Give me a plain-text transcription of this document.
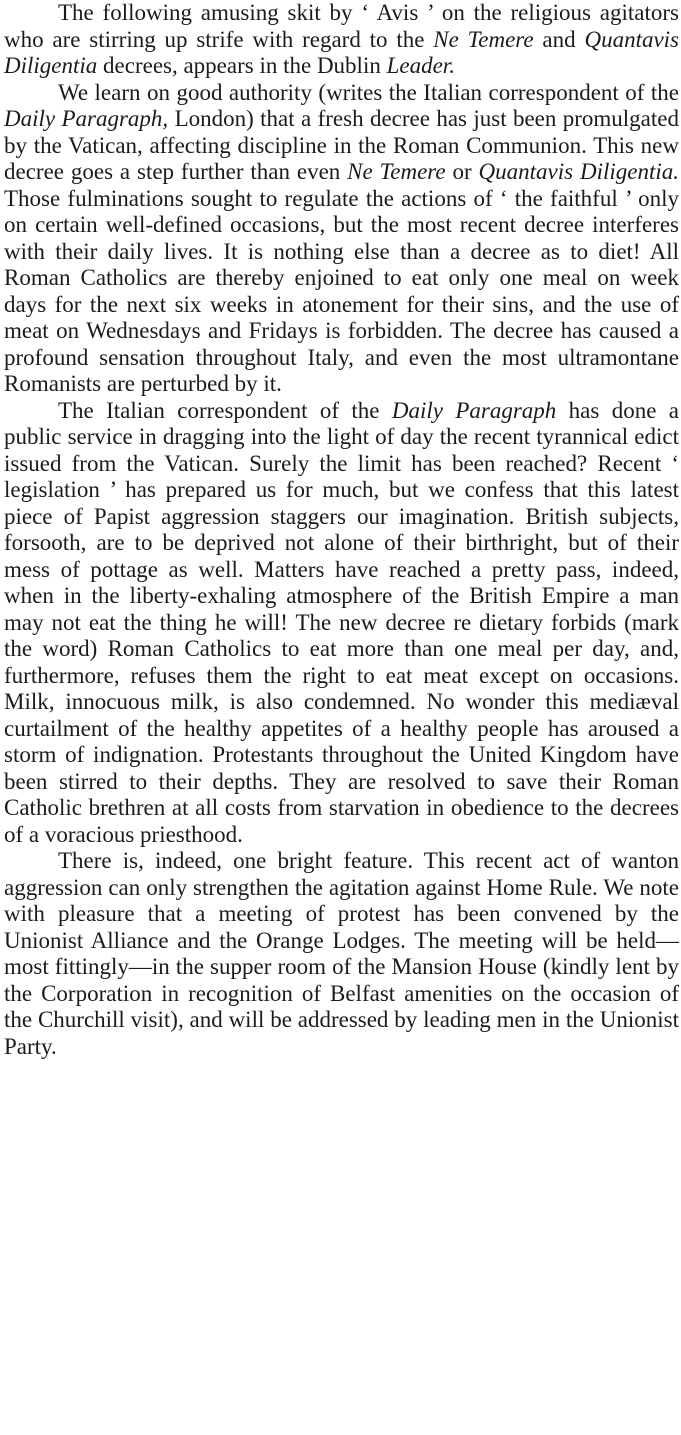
The following amusing skit by ‘ Avis ’ on the religious agitators who are stirring up strife with regard to the Ne Temere and Quantavis Diligentia decrees, appears in the Dublin Leader.

We learn on good authority (writes the Italian correspondent of the Daily Paragraph, London) that a fresh decree has just been promulgated by the Vatican, affecting discipline in the Roman Communion. This new decree goes a step further than even Ne Temere or Quantavis Diligentia. Those fulminations sought to regulate the actions of ‘ the faithful ’ only on certain well-defined occasions, but the most recent decree interferes with their daily lives. It is nothing else than a decree as to diet! All Roman Catholics are thereby enjoined to eat only one meal on week days for the next six weeks in atonement for their sins, and the use of meat on Wednesdays and Fridays is forbidden. The decree has caused a profound sensation throughout Italy, and even the most ultramontane Romanists are perturbed by it.

The Italian correspondent of the Daily Paragraph has done a public service in dragging into the light of day the recent tyrannical edict issued from the Vatican. Surely the limit has been reached? Recent ‘ legislation ’ has prepared us for much, but we confess that this latest piece of Papist aggression staggers our imagination. British subjects, forsooth, are to be deprived not alone of their birthright, but of their mess of pottage as well. Matters have reached a pretty pass, indeed, when in the liberty-exhaling atmosphere of the British Empire a man may not eat the thing he will! The new decree re dietary forbids (mark the word) Roman Catholics to eat more than one meal per day, and, furthermore, refuses them the right to eat meat except on occasions. Milk, innocuous milk, is also condemned. No wonder this mediæval curtailment of the healthy appetites of a healthy people has aroused a storm of indignation. Protestants throughout the United Kingdom have been stirred to their depths. They are resolved to save their Roman Catholic brethren at all costs from starvation in obedience to the decrees of a voracious priesthood.

There is, indeed, one bright feature. This recent act of wanton aggression can only strengthen the agitation against Home Rule. We note with pleasure that a meeting of protest has been convened by the Unionist Alliance and the Orange Lodges. The meeting will be held—most fittingly—in the supper room of the Mansion House (kindly lent by the Corporation in recognition of Belfast amenities on the occasion of the Churchill visit), and will be addressed by leading men in the Unionist Party.
